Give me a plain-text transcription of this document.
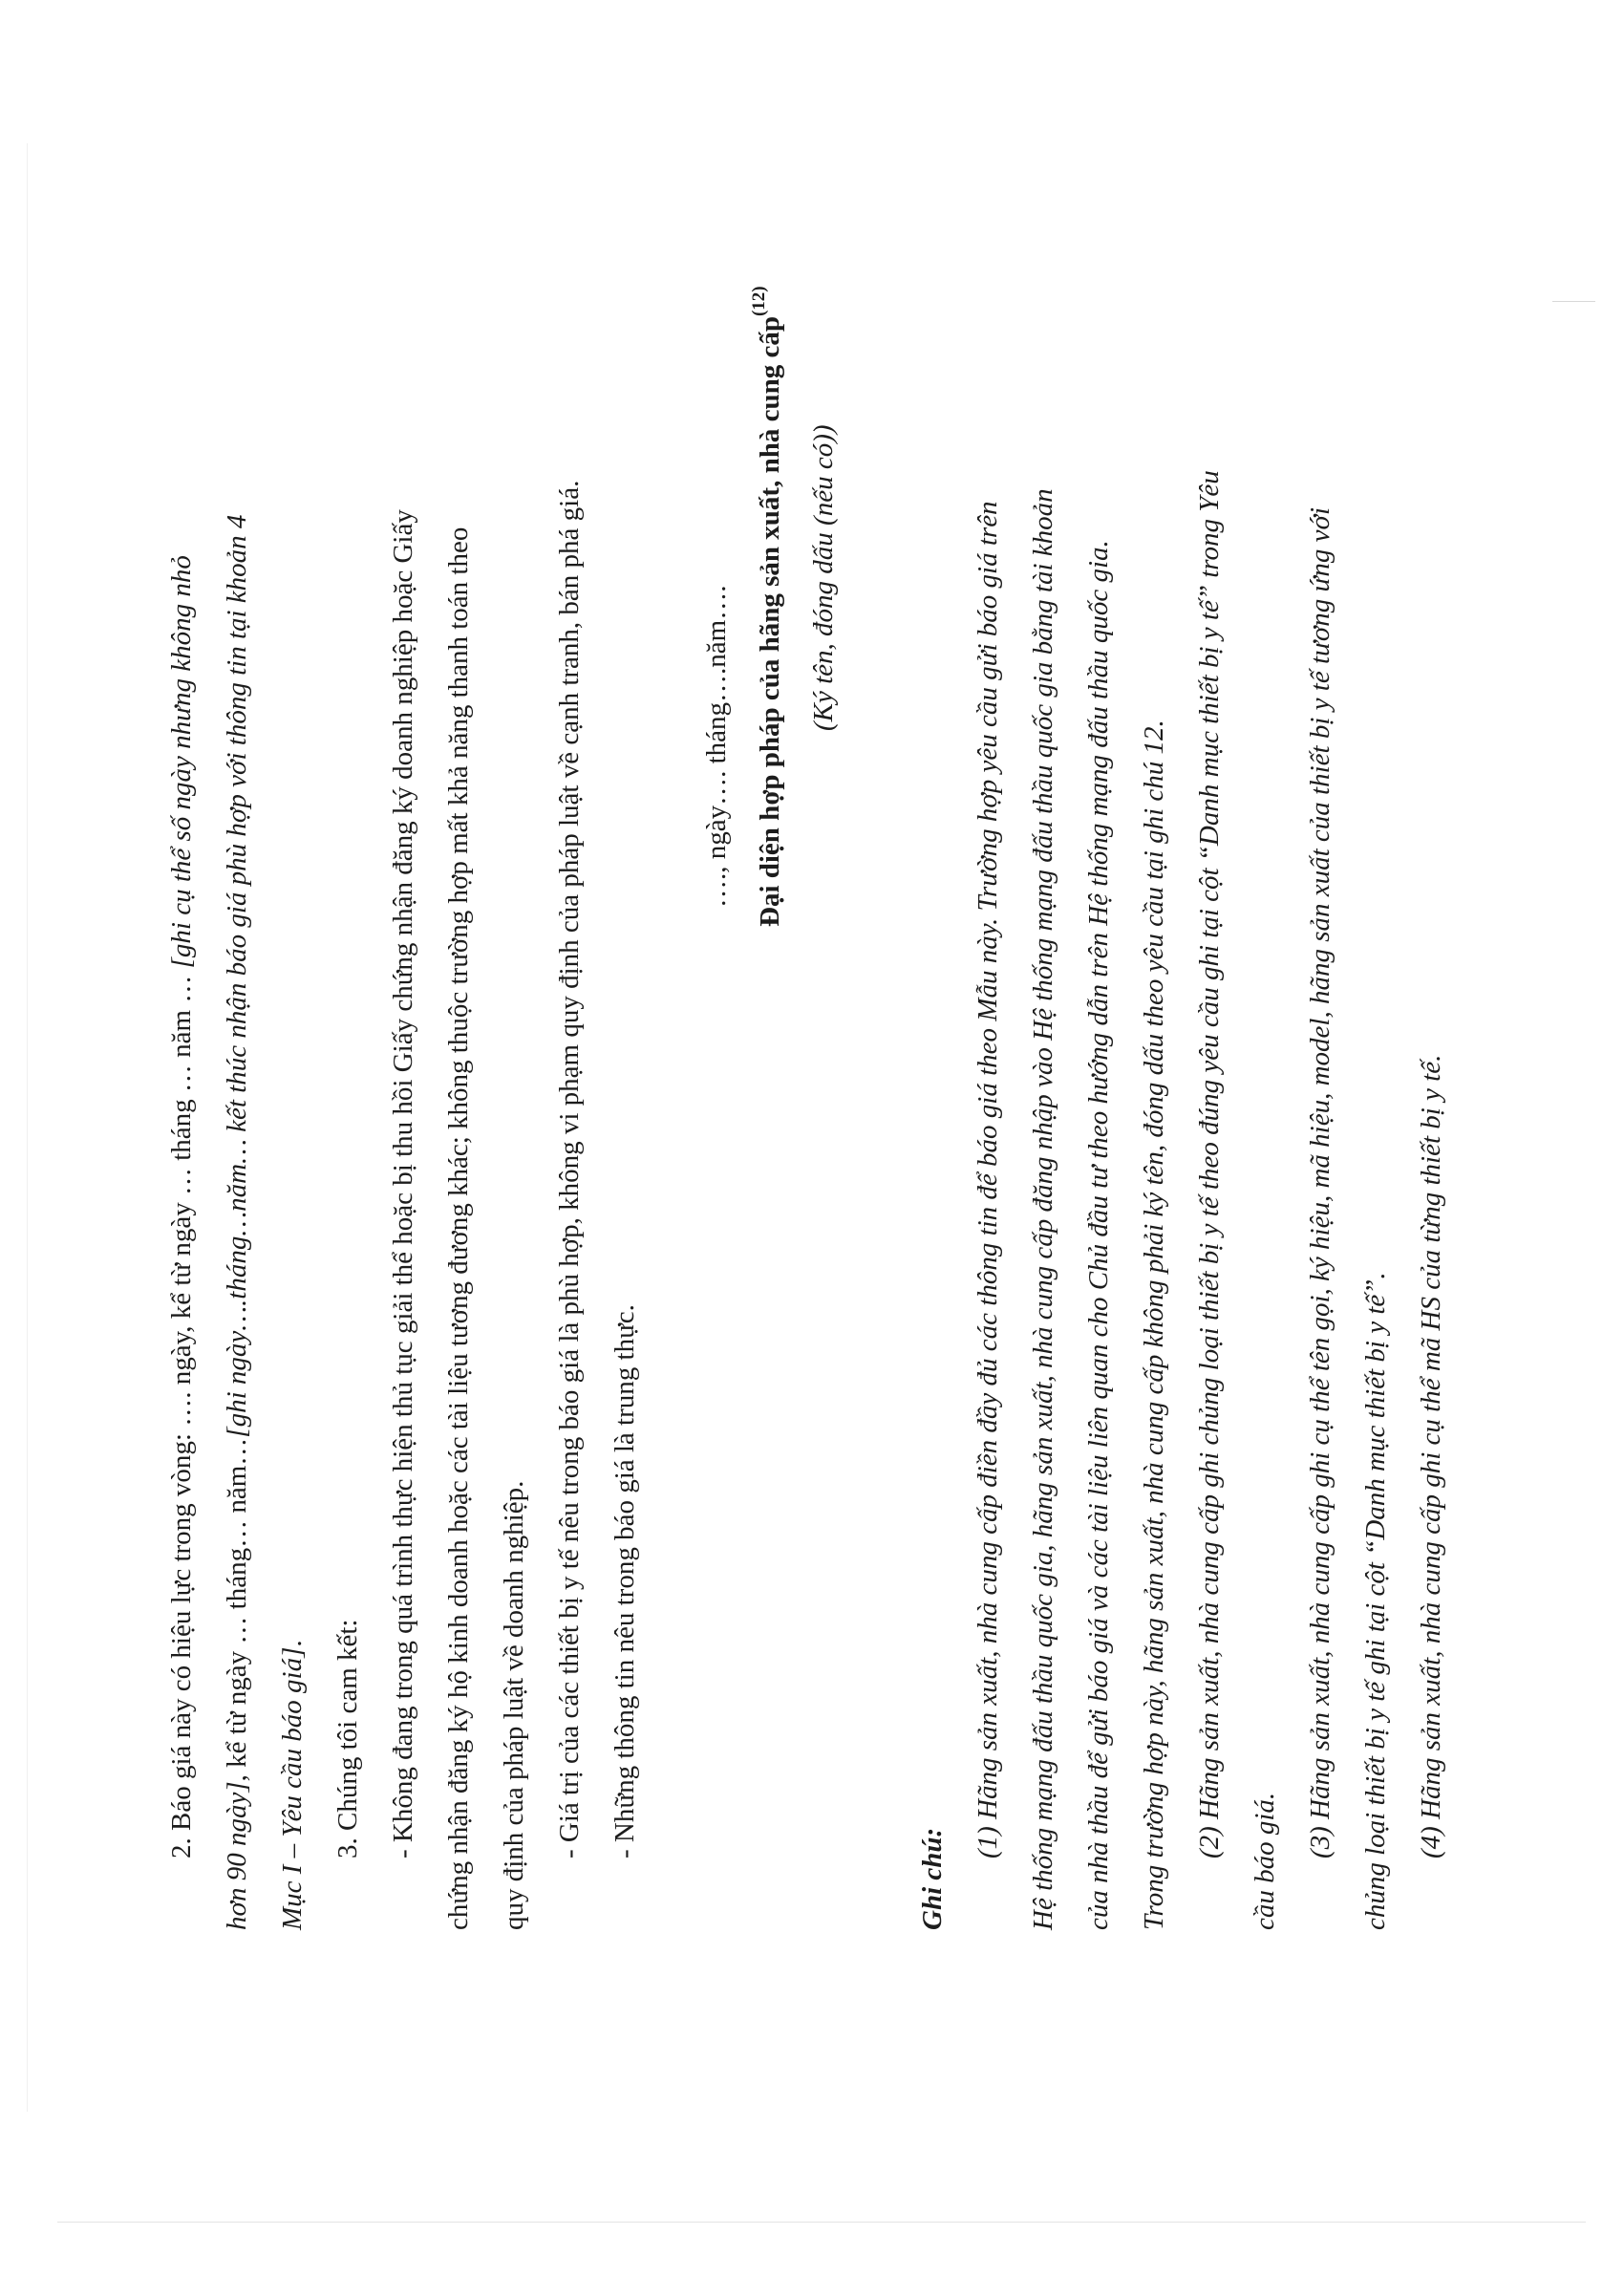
2. Báo giá này có hiệu lực trong vòng: …. ngày, kể từ ngày … tháng … năm … [ghi cụ thể số ngày nhưng không nhỏ
hơn 90 ngày], kể từ ngày … tháng… năm…[ghi ngày….tháng…năm… kết thúc nhận báo giá phù hợp với thông tin tại khoản 4
Mục I – Yêu cầu báo giá]. 3. Chúng tôi cam kết: - Không đang trong quá trình thực hiện thủ tục giải thể hoặc bị thu hồi Giấy chứng nhận đăng ký doanh nghiệp hoặc Giấy chứng nhận đăng ký hộ kinh doanh hoặc các tài liệu tương đương khác; không thuộc trường hợp mất khả năng thanh toán theo quy định của pháp luật về doanh nghiệp. - Giá trị của các thiết bị y tế nêu trong báo giá là phù hợp, không vi phạm quy định của pháp luật về cạnh tranh, bán phá giá. - Những thông tin nêu trong báo giá là trung thực.
…., ngày…. tháng….năm…. Đại diện hợp pháp của hãng sản xuất, nhà cung cấp$^{(12)}$
(Ký tên, đóng dấu (nếu có))
Ghi chú:
(1) Hãng sản xuất, nhà cung cấp điền đầy đủ các thông tin để báo giá theo Mẫu này. Trường hợp yêu cầu gửi báo giá trên Hệ thống mạng đấu thầu quốc gia, hãng sản xuất, nhà cung cấp đăng nhập vào Hệ thống mạng đấu thầu quốc gia bằng tài khoản của nhà thầu để gửi báo giá và các tài liệu liên quan cho Chủ đầu tư theo hướng dẫn trên Hệ thống mạng đấu thầu quốc gia. Trong trường hợp này, hãng sản xuất, nhà cung cấp không phải ký tên, đóng dấu theo yêu cầu tại ghi chú 12. (2) Hãng sản xuất, nhà cung cấp ghi chủng loại thiết bị y tế theo đúng yêu cầu ghi tại cột “Danh mục thiết bị y tế” trong Yêu
cầu báo giá.
(3) Hãng sản xuất, nhà cung cấp ghi cụ thể tên gọi, ký hiệu, mã hiệu, model, hãng sản xuất của thiết bị y tế tương ứng với chủng loại thiết bị y tế ghi tại cột “Danh mục thiết bị y tế”. (4) Hãng sản xuất, nhà cung cấp ghi cụ thể mã HS của từng thiết bị y tế.
